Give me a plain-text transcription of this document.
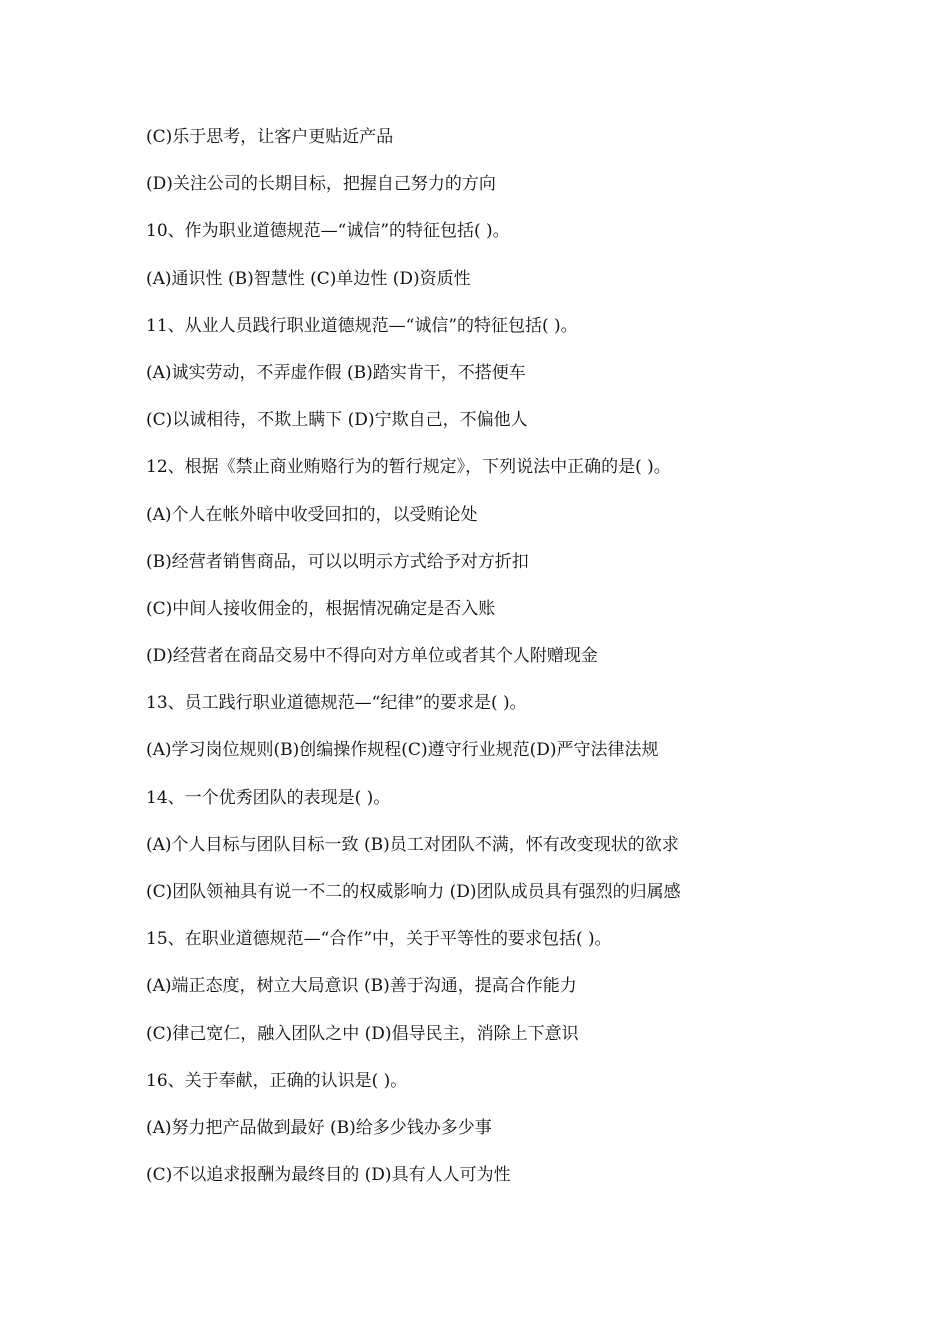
(C)乐于思考，让客户更贴近产品
(D)关注公司的长期目标，把握自己努力的方向
10、作为职业道德规范—“诚信”的特征包括( )。
(A)通识性 (B)智慧性 (C)单边性 (D)资质性
11、从业人员践行职业道德规范—“诚信”的特征包括( )。
(A)诚实劳动，不弄虚作假 (B)踏实肯干，不搭便车
(C)以诚相待，不欺上瞒下 (D)宁欺自己，不偏他人
12、根据《禁止商业贿赂行为的暂行规定》，下列说法中正确的是( )。
(A)个人在帐外暗中收受回扣的，以受贿论处
(B)经营者销售商品，可以以明示方式给予对方折扣
(C)中间人接收佣金的，根据情况确定是否入账
(D)经营者在商品交易中不得向对方单位或者其个人附赠现金
13、员工践行职业道德规范—“纪律”的要求是( )。
(A)学习岗位规则(B)创编操作规程(C)遵守行业规范(D)严守法律法规
14、一个优秀团队的表现是( )。
(A)个人目标与团队目标一致 (B)员工对团队不满，怀有改变现状的欲求
(C)团队领袖具有说一不二的权威影响力 (D)团队成员具有强烈的归属感
15、在职业道德规范—“合作”中，关于平等性的要求包括( )。
(A)端正态度，树立大局意识 (B)善于沟通，提高合作能力
(C)律己宽仁，融入团队之中 (D)倡导民主，消除上下意识
16、关于奉献，正确的认识是( )。
(A)努力把产品做到最好 (B)给多少钱办多少事
(C)不以追求报酬为最终目的 (D)具有人人可为性
